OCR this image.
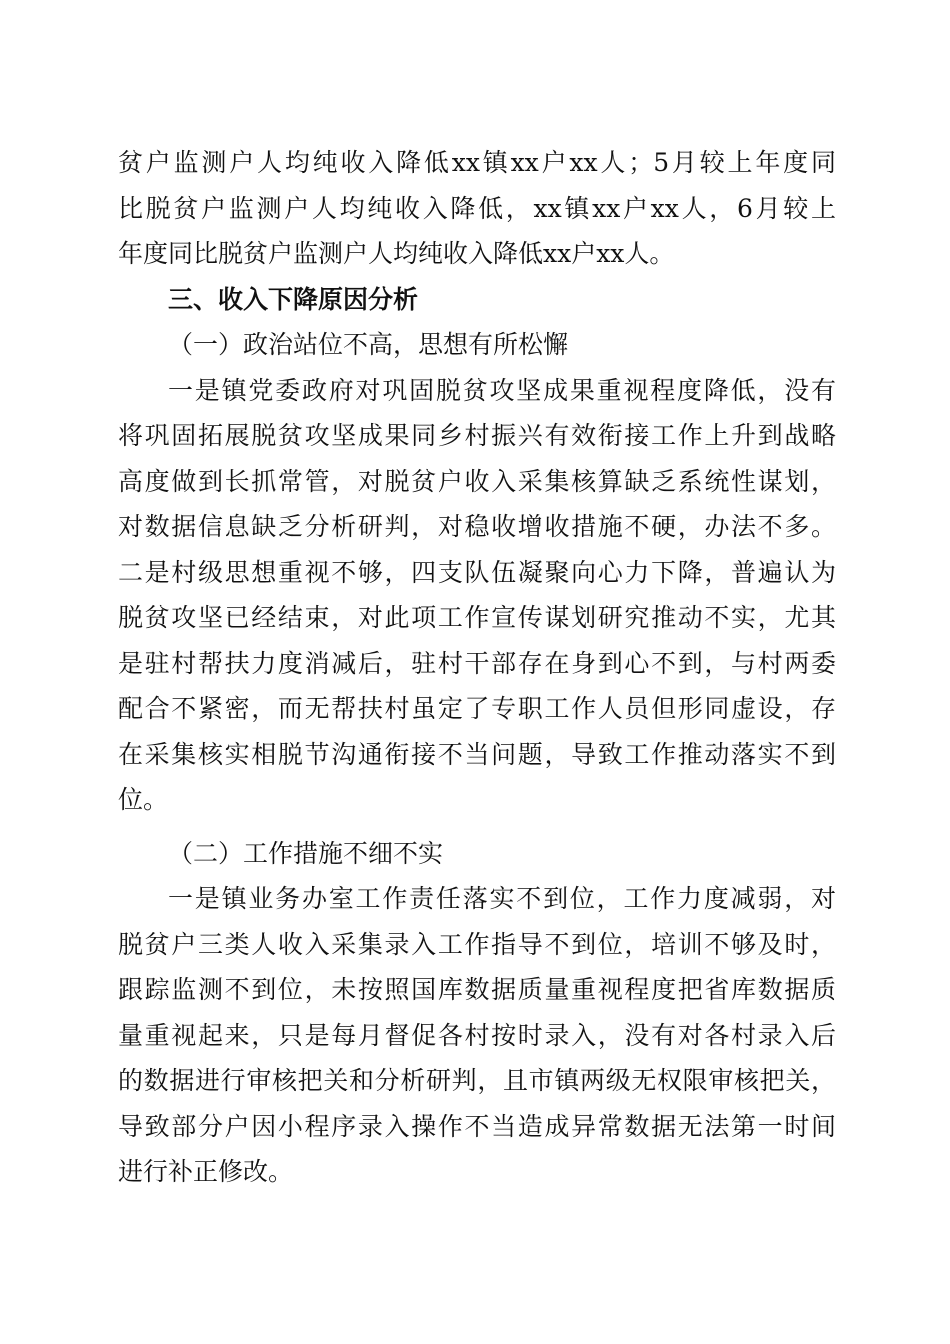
贫户监测户人均纯收入降低xx镇xx户xx人；5月较上年度同
比脱贫户监测户人均纯收入降低，xx镇xx户xx人，6月较上
年度同比脱贫户监测户人均纯收入降低xx户xx人。
三、收入下降原因分析
（一）政治站位不高，思想有所松懈
一是镇党委政府对巩固脱贫攻坚成果重视程度降低，没有
将巩固拓展脱贫攻坚成果同乡村振兴有效衔接工作上升到战略
高度做到长抓常管，对脱贫户收入采集核算缺乏系统性谋划，
对数据信息缺乏分析研判，对稳收增收措施不硬，办法不多。
二是村级思想重视不够，四支队伍凝聚向心力下降，普遍认为
脱贫攻坚已经结束，对此项工作宣传谋划研究推动不实，尤其
是驻村帮扶力度消减后，驻村干部存在身到心不到，与村两委
配合不紧密，而无帮扶村虽定了专职工作人员但形同虚设，存
在采集核实相脱节沟通衔接不当问题，导致工作推动落实不到
位。
（二）工作措施不细不实
一是镇业务办室工作责任落实不到位，工作力度减弱，对
脱贫户三类人收入采集录入工作指导不到位，培训不够及时，
跟踪监测不到位，未按照国库数据质量重视程度把省库数据质
量重视起来，只是每月督促各村按时录入，没有对各村录入后
的数据进行审核把关和分析研判，且市镇两级无权限审核把关，
导致部分户因小程序录入操作不当造成异常数据无法第一时间
进行补正修改。
